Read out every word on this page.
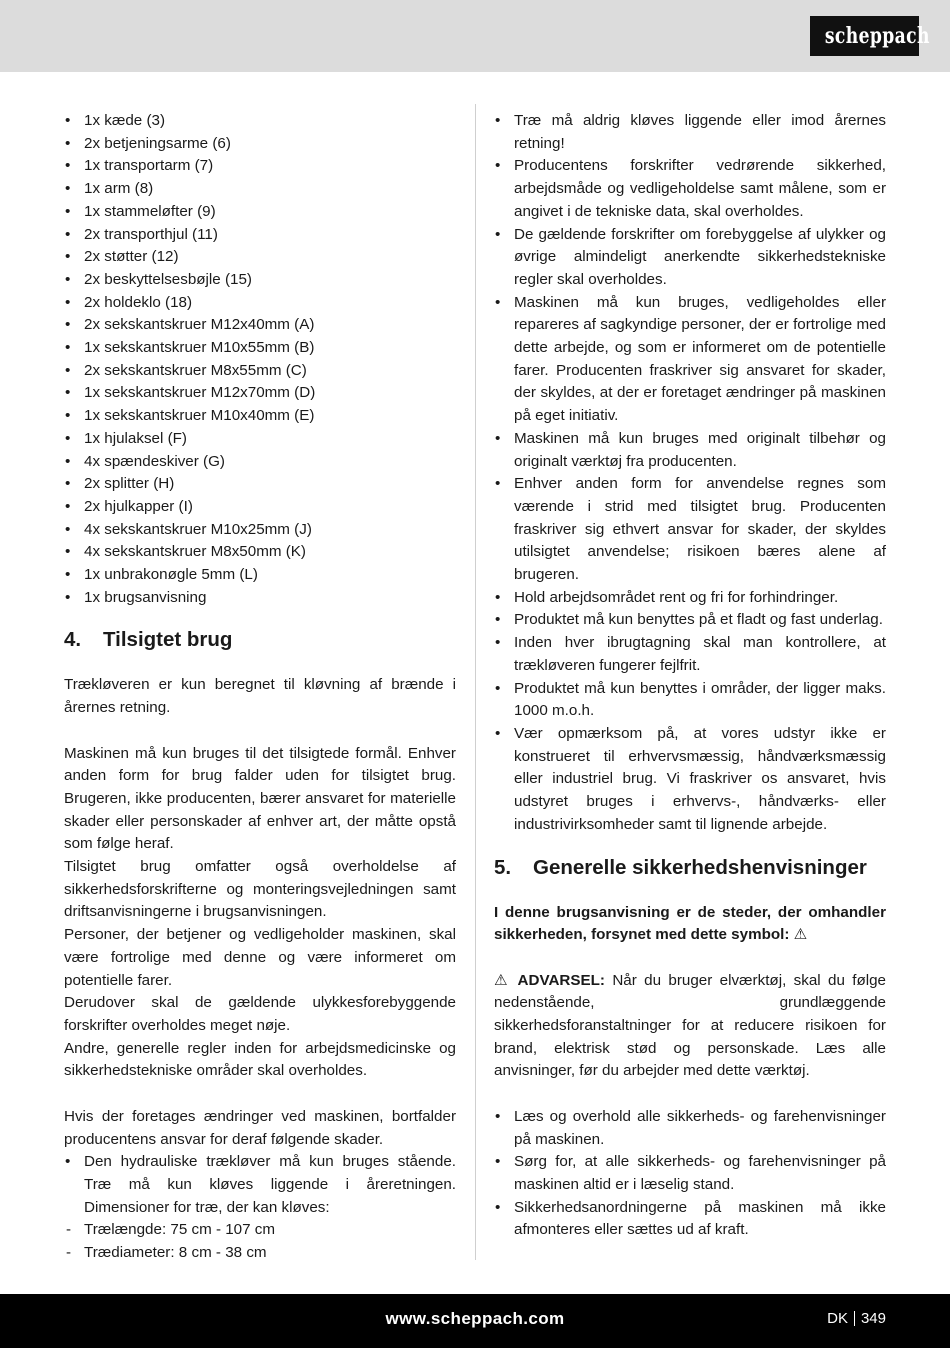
scheppach
• 1x kæde (3)
• 2x betjeningsarme (6)
• 1x transportarm (7)
• 1x arm (8)
• 1x stammeløfter (9)
• 2x transporthjul (11)
• 2x støtter (12)
• 2x beskyttelsesbøjle (15)
• 2x holdeklo (18)
• 2x sekskantskruer M12x40mm (A)
• 1x sekskantskruer M10x55mm (B)
• 2x sekskantskruer M8x55mm (C)
• 1x sekskantskruer M12x70mm (D)
• 1x sekskantskruer M10x40mm (E)
• 1x hjulaksel (F)
• 4x spændeskiver (G)
• 2x splitter (H)
• 2x hjulkapper (I)
• 4x sekskantskruer M10x25mm (J)
• 4x sekskantskruer M8x50mm (K)
• 1x unbrakonøgle 5mm (L)
• 1x brugsanvisning
4.	Tilsigtet brug

Trækløveren er kun beregnet til kløvning af brænde i årernes retning.

Maskinen må kun bruges til det tilsigtede formål. Enhver anden form for brug falder uden for tilsigtet brug. Brugeren, ikke producenten, bærer ansvaret for materielle skader eller personskader af enhver art, der måtte opstå som følge heraf.

Tilsigtet brug omfatter også overholdelse af sikkerhedsforskrifterne og monteringsvejledningen samt driftsanvisningerne i brugsanvisningen.

Personer, der betjener og vedligeholder maskinen, skal være fortrolige med denne og være informeret om potentielle farer.

Derudover skal de gældende ulykkesforebyggende forskrifter overholdes meget nøje.

Andre, generelle regler inden for arbejdsmedicinske og sikkerhedstekniske områder skal overholdes.

Hvis der foretages ændringer ved maskinen, bortfalder producentens ansvar for deraf følgende skader.

• Den hydrauliske trækløver må kun bruges stående. Træ må kun kløves liggende i åreretningen. Dimensioner for træ, der kan kløves:
- Trælængde: 75 cm - 107 cm
- Trædiameter: 8 cm - 38 cm
• Træ må aldrig kløves liggende eller imod årernes retning!
• Producentens forskrifter vedrørende sikkerhed, arbejdsmåde og vedligeholdelse samt målene, som er angivet i de tekniske data, skal overholdes.
• De gældende forskrifter om forebyggelse af ulykker og øvrige almindeligt anerkendte sikkerhedstekniske regler skal overholdes.
• Maskinen må kun bruges, vedligeholdes eller repareres af sagkyndige personer, der er fortrolige med dette arbejde, og som er informeret om de potentielle farer. Producenten fraskriver sig ansvaret for skader, der skyldes, at der er foretaget ændringer på maskinen på eget initiativ.
• Maskinen må kun bruges med originalt tilbehør og originalt værktøj fra producenten.
• Enhver anden form for anvendelse regnes som værende i strid med tilsigtet brug. Producenten fraskriver sig ethvert ansvar for skader, der skyldes utilsigtet anvendelse; risikoen bæres alene af brugeren.
• Hold arbejdsområdet rent og fri for forhindringer.
• Produktet må kun benyttes på et fladt og fast underlag.
• Inden hver ibrugtagning skal man kontrollere, at trækløveren fungerer fejlfrit.
• Produktet må kun benyttes i områder, der ligger maks. 1000 m.o.h.
• Vær opmærksom på, at vores udstyr ikke er konstrueret til erhvervsmæssig, håndværksmæssig eller industriel brug. Vi fraskriver os ansvaret, hvis udstyret bruges i erhvervs-, håndværks- eller industrivirksomheder samt til lignende arbejde.
5.	Generelle sikkerhedshenvisninger

I denne brugsanvisning er de steder, der omhandler sikkerheden, forsynet med dette symbol: ⚠

⚠ ADVARSEL: Når du bruger elværktøj, skal du følge nedenstående, grundlæggende sikkerhedsforanstaltninger for at reducere risikoen for brand, elektrisk stød og personskade. Læs alle anvisninger, før du arbejder med dette værktøj.

• Læs og overhold alle sikkerheds- og farehenvisninger på maskinen.
• Sørg for, at alle sikkerheds- og farehenvisninger på maskinen altid er i læselig stand.
• Sikkerhedsanordningerne på maskinen må ikke afmonteres eller sættes ud af kraft.
www.scheppach.com	DK 349
